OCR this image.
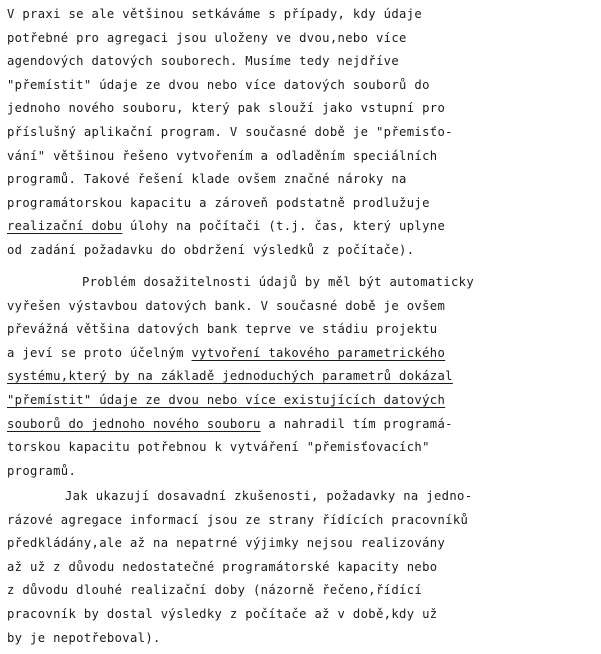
V praxi se ale většinou setkáváme s případy, kdy údaje
potřebné pro agregaci jsou uloženy ve dvou,nebo více
agendových datových souborech. Musíme tedy nejdříve
"přemístit" údaje ze dvou nebo více datových souborů do
jednoho nového souboru, který pak slouží jako vstupní pro
příslušný aplikační program. V současné době je "přemisťo-
vání" většinou řešeno vytvořením a odladěním speciálních
programů. Takové řešení klade ovšem značné nároky na
programátorskou kapacitu a zároveň podstatně prodlužuje
realizační dobu úlohy na počítači (t.j. čas, který uplyne
od zadání požadavku do obdržení výsledků z počítače).
Problém dosažitelnosti údajů by měl být automaticky
vyřešen výstavbou datových bank. V současné době je ovšem
převážná většina datových bank teprve ve stádiu projektu
a jeví se proto účelným vytvoření takového parametrického
systému,který by na základě jednoduchých parametrů dokázal
"přemístit" údaje ze dvou nebo více existujících datových
souborů do jednoho nového souboru a nahradil tím programá-
torskou kapacitu potřebnou k vytváření "přemisťovacích"
programů.
Jak ukazují dosavadní zkušenosti, požadavky na jedno-
rázové agregace informací jsou ze strany řídících pracovníků
předkládány,ale až na nepatrné výjimky nejsou realizovány
až už z důvodu nedostatečné programátorské kapacity nebo
z důvodu dlouhé realizační doby (názorně řečeno,řídící
pracovník by dostal výsledky z počítače až v době,kdy už
by je nepotřeboval).
